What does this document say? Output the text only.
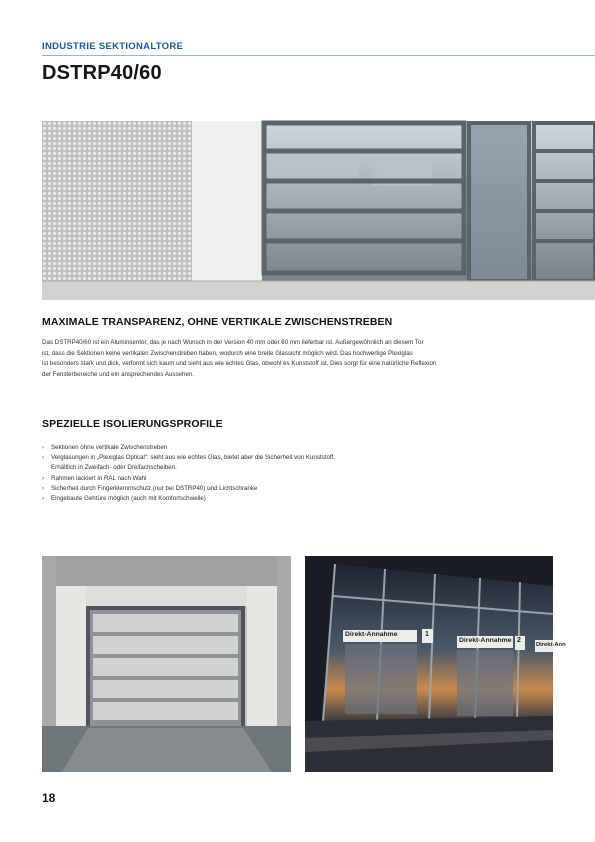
INDUSTRIE SEKTIONALTORE
DSTRP40/60
MAXIMALE TRANSPARENZ, OHNE VERTIKALE ZWISCHENSTREBEN
Das DSTRP40/60 ist ein Aluminiumtor, das je nach Wunsch in der Version 40 mm oder 60 mm lieferbar ist. Außergewöhnlich an diesem Tor
ist, dass die Sektionen keine vertikalen Zwischenstreben haben, wodurch eine breite Glassicht möglich wird. Das hochwertige Plexiglas
ist besonders stark und dick, verformt sich kaum und sieht aus wie echtes Glas, obwohl es Kunststoff ist. Dies sorgt für eine natürliche Reflexion
der Fensterbereiche und ein ansprechendes Aussehen.
SPEZIELLE ISOLIERUNGSPROFILE
› Sektionen ohne vertikale Zwischenstreben
› Verglasungen in „Plexiglas Optical“: sieht aus wie echtes Glas, bietet aber die Sicherheit von Kunststoff.
Erhältlich in Zweifach- oder Dreifachscheiben.
› Rahmen lackiert in RAL nach Wahl
› Sicherheit durch Fingerklemmschutz (nur bei DSTRP40) und Lichtschranke
› Eingebaute Gehtüre möglich (auch mit Komfortschwelle)
Direkt-Annahme	1
Direkt-Annahme 2
Direkt-Ann
18
